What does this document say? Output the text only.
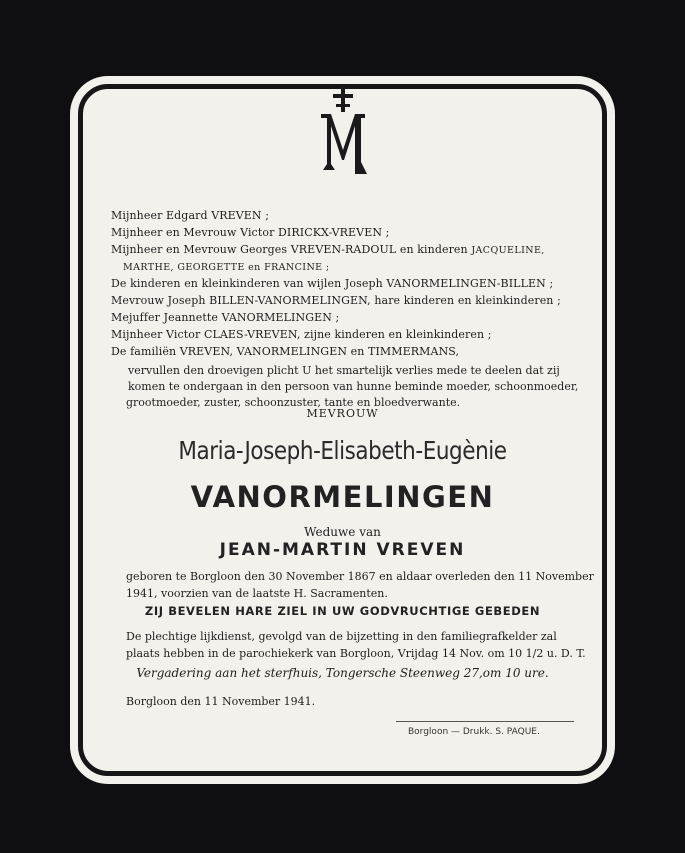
Mijnheer Edgard VREVEN ;
Mijnheer en Mevrouw Victor DIRICKX-VREVEN ;
Mijnheer en Mevrouw Georges VREVEN-RADOUL en kinderen JACQUELINE,
MARTHE, GEORGETTE en FRANCINE ;
De kinderen en kleinkinderen van wijlen Joseph VANORMELINGEN-BILLEN ;
Mevrouw Joseph BILLEN-VANORMELINGEN, hare kinderen en kleinkinderen ;
Mejuffer Jeannette VANORMELINGEN ;
Mijnheer Victor CLAES-VREVEN, zijne kinderen en kleinkinderen ;
De familiën VREVEN, VANORMELINGEN en TIMMERMANS,
vervullen den droevigen plicht U het smartelijk verlies mede te deelen dat zij
komen te ondergaan in den persoon van hunne beminde moeder, schoonmoeder,
grootmoeder, zuster, schoonzuster, tante en bloedverwante.
MEVROUW
Maria-Joseph-Elisabeth-Eugènie
VANORMELINGEN
Weduwe van
JEAN-MARTIN VREVEN
geboren te Borgloon den 30 November 1867 en aldaar overleden den 11 November
1941, voorzien van de laatste H. Sacramenten.
ZIJ BEVELEN HARE ZIEL IN UW GODVRUCHTIGE GEBEDEN
De plechtige lijkdienst, gevolgd van de bijzetting in den familiegrafkelder zal
plaats hebben in de parochiekerk van Borgloon, Vrijdag 14 Nov. om 10 1/2 u. D. T.
Vergadering aan het sterfhuis, Tongersche Steenweg 27,om 10 ure.
Borgloon den 11 November 1941.
Borgloon — Drukk. S. PAQUE.
